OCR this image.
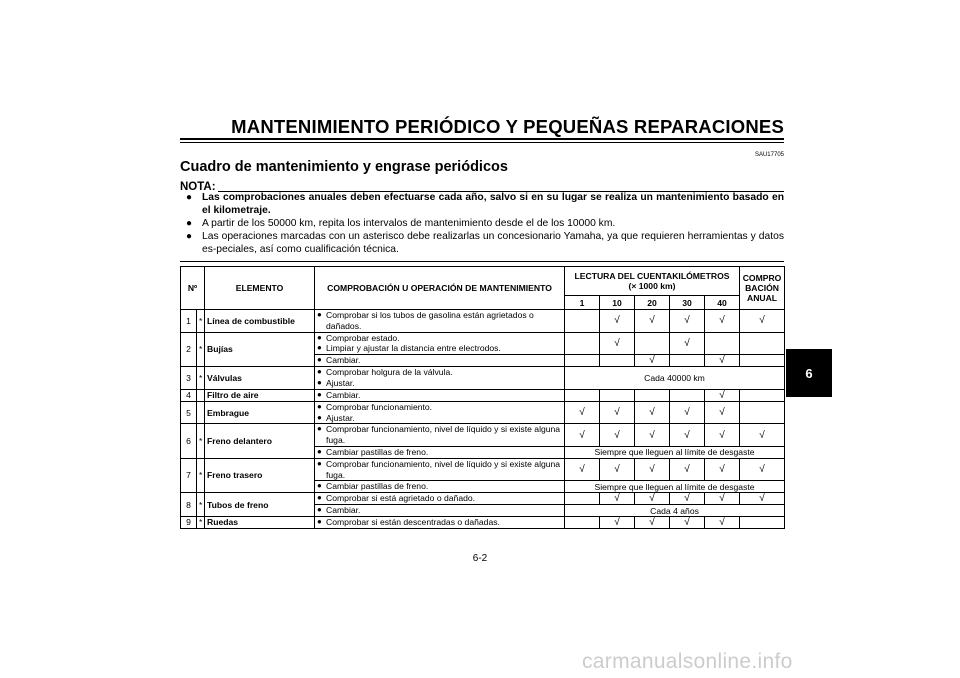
MANTENIMIENTO PERIÓDICO Y PEQUEÑAS REPARACIONES
SAU17705
Cuadro de mantenimiento y engrase periódicos
NOTA:
● Las comprobaciones anuales deben efectuarse cada año, salvo si en su lugar se realiza un mantenimiento basado en el kilometraje.
● A partir de los 50000 km, repita los intervalos de mantenimiento desde el de los 10000 km.
● Las operaciones marcadas con un asterisco debe realizarlas un concesionario Yamaha, ya que requieren herramientas y datos es-peciales, así como cualificación técnica.
Nº		ELEMENTO	COMPROBACIÓN U OPERACIÓN DE MANTENIMIENTO	LECTURA DEL CUENTAKILÓMETROS
(× 1000 km)					COMPRO BACIÓN ANUAL
				1	10	20	30	40	
1	*	Línea de combustible	● Comprobar si los tubos de gasolina están agrietados o dañados.		√	√	√	√	√
2	*	Bujías	● Comprobar estado.
● Limpiar y ajustar la distancia entre electrodos.		√		√		

			● Cambiar.			√		√	
3	*	Válvulas	● Comprobar holgura de la válvula.
● Ajustar.	Cada 40000 km					
4		Filtro de aire	● Cambiar.					√	
5		Embrague	● Comprobar funcionamiento.
● Ajustar.	√	√	√	√	√	
6	*	Freno delantero	● Comprobar funcionamiento, nivel de líquido y si existe alguna fuga.	√	√	√	√	√	√

			● Cambiar pastillas de freno.	Siempre que lleguen al límite de desgaste					
7	*	Freno trasero	● Comprobar funcionamiento, nivel de líquido y si existe alguna fuga.	√	√	√	√	√	√

			● Cambiar pastillas de freno.	Siempre que lleguen al límite de desgaste					
8	*	Tubos de freno	● Comprobar si está agrietado o dañado.		√	√	√	√	√

			● Cambiar.	Cada 4 años					
9	*	Ruedas	● Comprobar si están descentradas o dañadas.		√	√	√	√	
6-2
6
carmanualsonline.info
